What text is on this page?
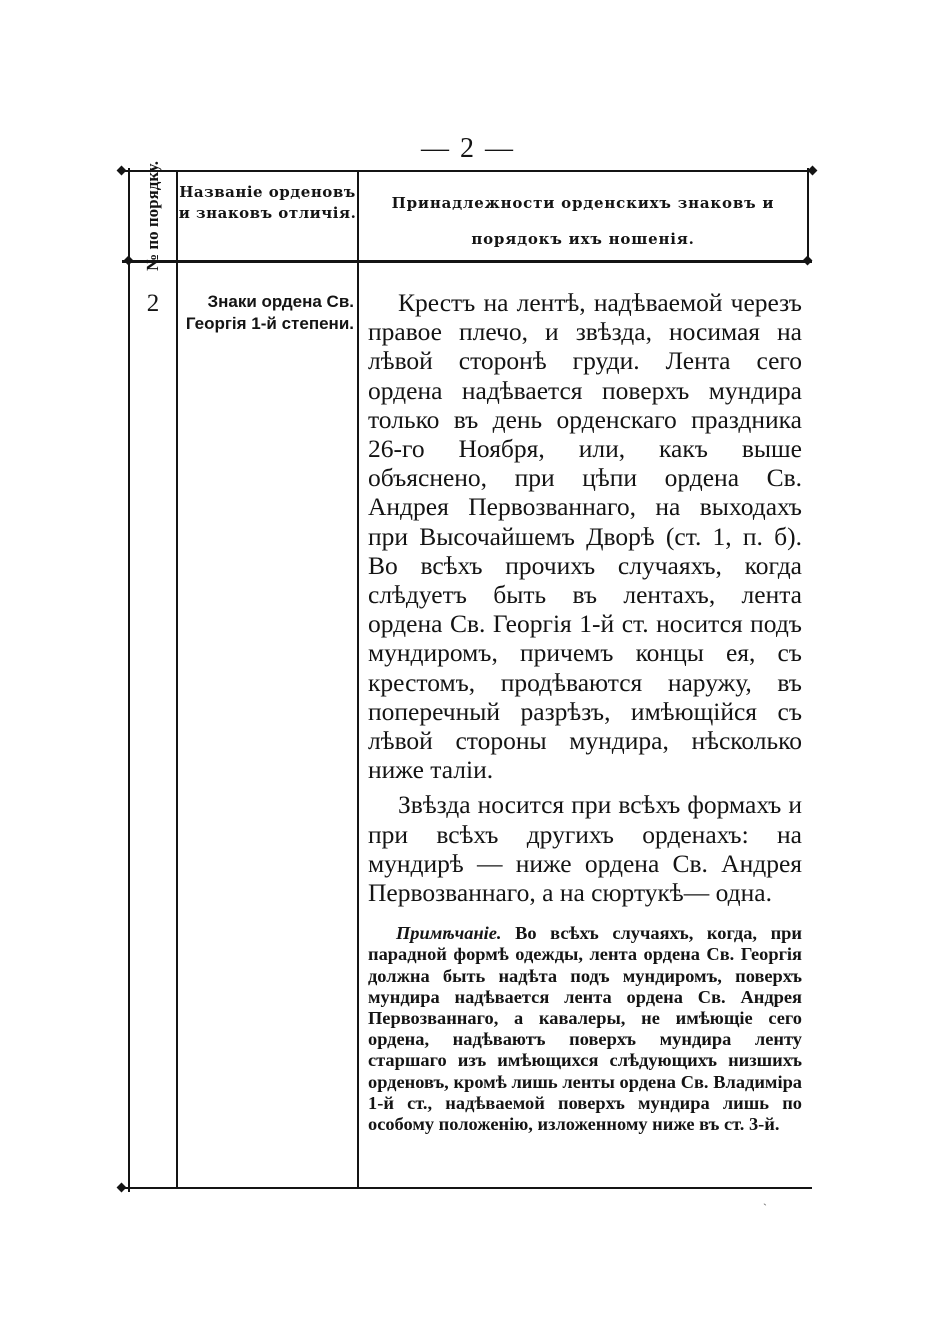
— 2 —
№ по порядку. Названіе орденовъ и знаковъ отличія.
Принадлежности орденскихъ знаковъ и порядокъ ихъ ношенія.
2	Знаки ордена Св. Георгія 1-й степени.

Крестъ на лентѣ, надѣваемой черезъ правое плечо, и звѣзда, носимая на лѣвой сторонѣ груди. Лента сего ордена надѣвается поверхъ мундира только въ день орденскаго праздника 26-го Ноября, или, какъ выше объяснено, при цѣпи ордена Св. Андрея Первозваннаго, на выходахъ при Высочайшемъ Дворѣ (ст. 1, п. б). Во всѣхъ прочихъ случаяхъ, когда слѣдуетъ быть въ лентахъ, лента ордена Св. Георгія 1-й ст. носится подъ мундиромъ, причемъ концы ея, съ крестомъ, продѣваются наружу, въ поперечный разрѣзъ, имѣющійся съ лѣвой стороны мундира, нѣсколько ниже таліи.

Звѣзда носится при всѣхъ формахъ и при всѣхъ другихъ орденахъ: на мундирѣ — ниже ордена Св. Андрея Первозваннаго, а на сюртукѣ— одна.

Примѣчаніе. Во всѣхъ случаяхъ, когда, при парадной формѣ одежды, лента ордена Св. Георгія должна быть надѣта подъ мундиромъ, поверхъ мундира надѣвается лента ордена Св. Андрея Первозваннаго, а кавалеры, не имѣющіе сего ордена, надѣваютъ поверхъ мундира ленту старшаго изъ имѣющихся слѣдующихъ низшихъ орденовъ, кромѣ лишь ленты ордена Св. Владиміра 1-й ст., надѣваемой поверхъ мундира лишь по особому положенію, изложенному ниже въ ст. 3-й.

ˏ
